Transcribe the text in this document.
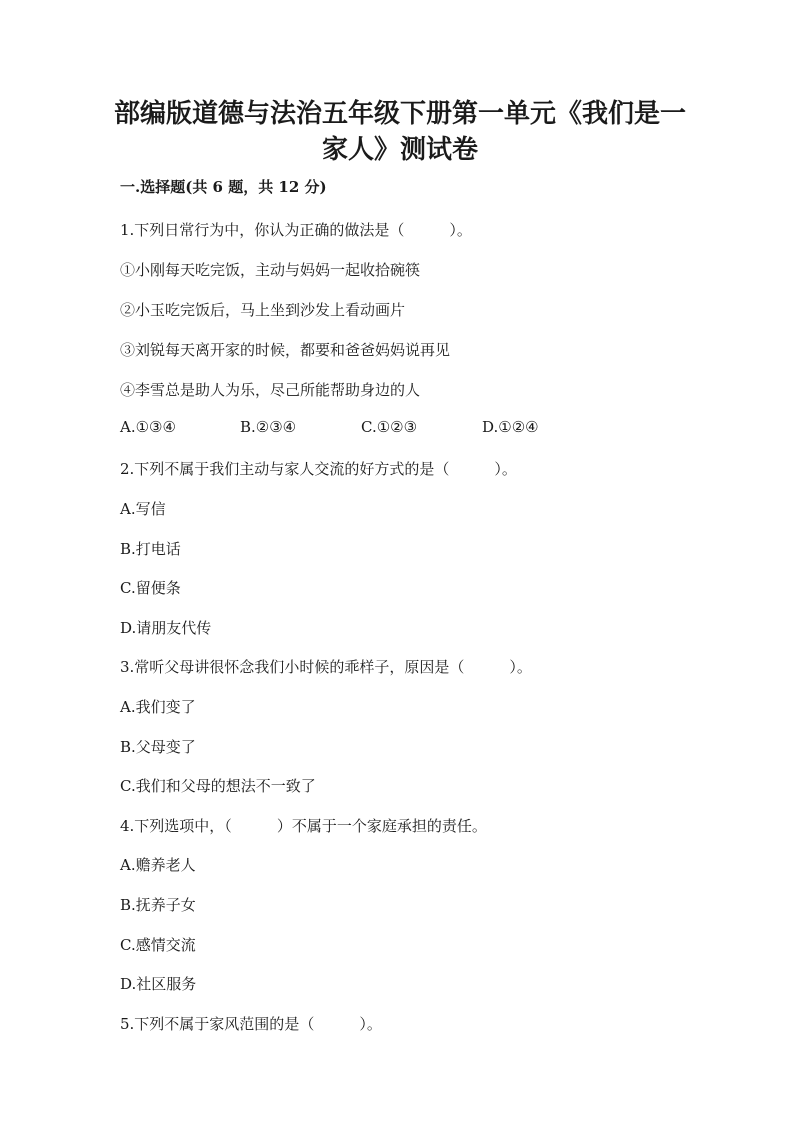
部编版道德与法治五年级下册第一单元《我们是一
家人》测试卷

一.选择题(共 6 题，共 12 分)

1.下列日常行为中，你认为正确的做法是（　　　）。

①小刚每天吃完饭，主动与妈妈一起收拾碗筷

②小玉吃完饭后，马上坐到沙发上看动画片

③刘锐每天离开家的时候，都要和爸爸妈妈说再见

④李雪总是助人为乐，尽己所能帮助身边的人

A.①③④	B.②③④	C.①②③	D.①②④

2.下列不属于我们主动与家人交流的好方式的是（　　　）。

A.写信

B.打电话

C.留便条

D.请朋友代传

3.常听父母讲很怀念我们小时候的乖样子，原因是（　　　）。

A.我们变了

B.父母变了

C.我们和父母的想法不一致了

4.下列选项中，（　　　）不属于一个家庭承担的责任。

A.赡养老人

B.抚养子女

C.感情交流

D.社区服务

5.下列不属于家风范围的是（　　　）。
